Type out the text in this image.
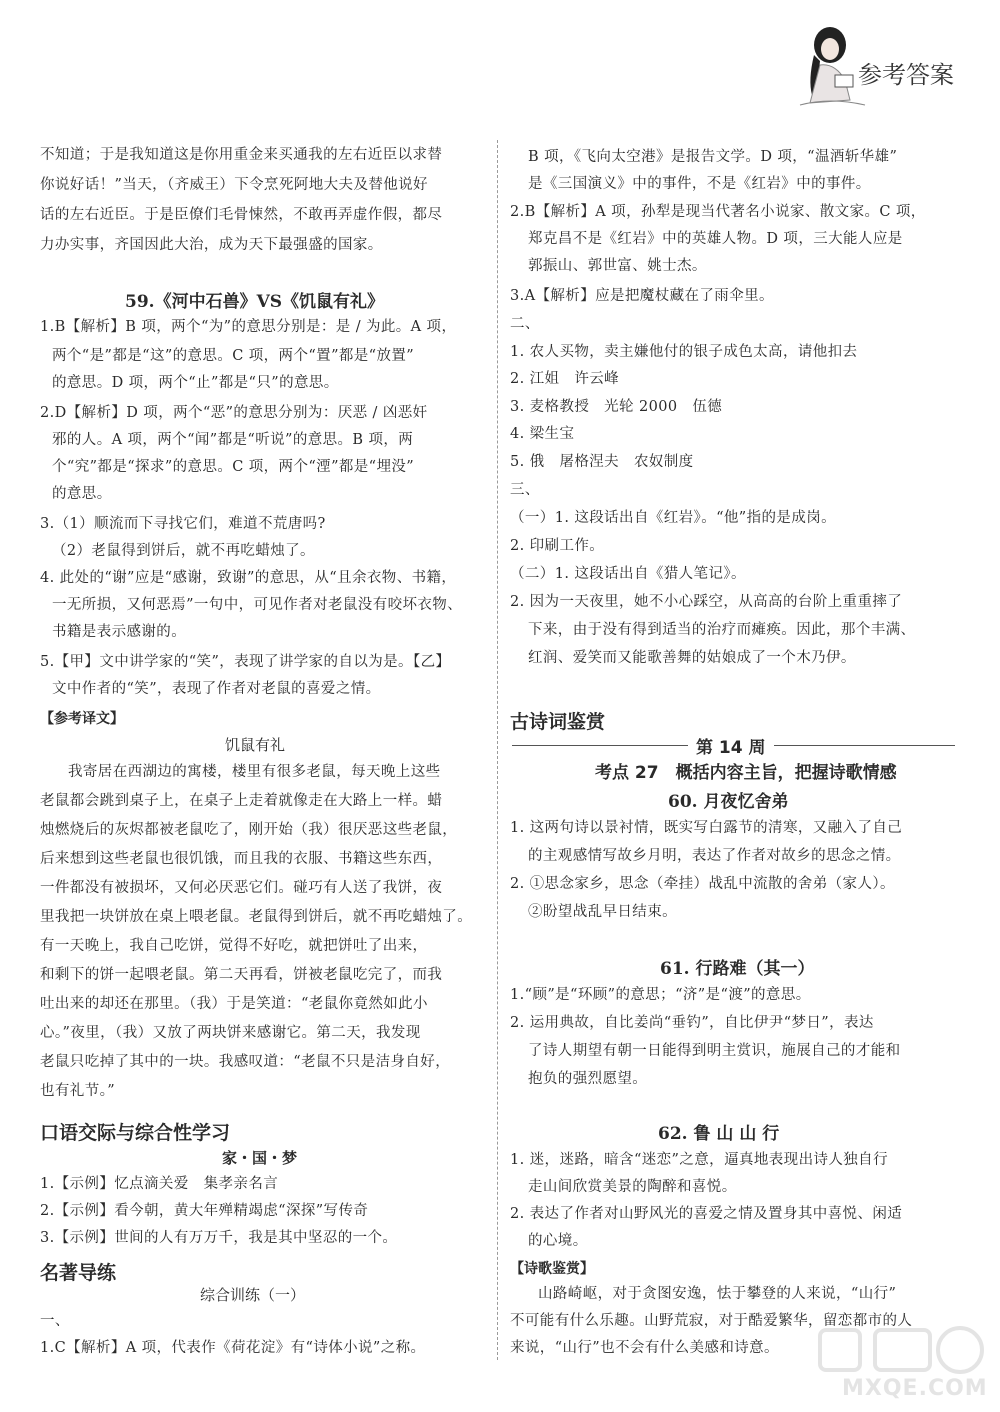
参考答案
不知道；于是我知道这是你用重金来买通我的左右近臣以求替
你说好话！”当天，（齐威王）下令烹死阿地大夫及替他说好
话的左右近臣。于是臣僚们毛骨悚然，不敢再弄虚作假，都尽
力办实事，齐国因此大治，成为天下最强盛的国家。
59.《河中石兽》VS《饥鼠有礼》
1.B【解析】B 项，两个“为”的意思分别是：是 / 为此。A 项，
两个“是”都是“这”的意思。C 项，两个“置”都是“放置”
的意思。D 项，两个“止”都是“只”的意思。
2.D【解析】D 项，两个“恶”的意思分别为：厌恶 / 凶恶奸
邪的人。A 项，两个“闻”都是“听说”的意思。B 项，两
个“究”都是“探求”的意思。C 项，两个“湮”都是“埋没”
的意思。
3.（1）顺流而下寻找它们，难道不荒唐吗?
（2）老鼠得到饼后，就不再吃蜡烛了。
4. 此处的“谢”应是“感谢，致谢”的意思，从“且余衣物、书籍，
一无所损，又何恶焉”一句中，可见作者对老鼠没有咬坏衣物、
书籍是表示感谢的。
5.【甲】文中讲学家的“笑”，表现了讲学家的自以为是。【乙】
文中作者的“笑”，表现了作者对老鼠的喜爱之情。
【参考译文】
饥鼠有礼
我寄居在西湖边的寓楼，楼里有很多老鼠，每天晚上这些
老鼠都会跳到桌子上，在桌子上走着就像走在大路上一样。蜡
烛燃烧后的灰烬都被老鼠吃了，刚开始（我）很厌恶这些老鼠，
后来想到这些老鼠也很饥饿，而且我的衣服、书籍这些东西，
一件都没有被损坏，又何必厌恶它们。碰巧有人送了我饼，夜
里我把一块饼放在桌上喂老鼠。老鼠得到饼后，就不再吃蜡烛了。
有一天晚上，我自己吃饼，觉得不好吃，就把饼吐了出来，
和剩下的饼一起喂老鼠。第二天再看，饼被老鼠吃完了，而我
吐出来的却还在那里。（我）于是笑道：“老鼠你竟然如此小
心。”夜里，（我）又放了两块饼来感谢它。第二天，我发现
老鼠只吃掉了其中的一块。我感叹道：“老鼠不只是洁身自好，
也有礼节。”
口语交际与综合性学习
家・国・梦
1.【示例】忆点滴关爱　集孝亲名言
2.【示例】看今朝，黄大年殚精竭虑“深探”写传奇
3.【示例】世间的人有万万千，我是其中坚忍的一个。
名著导练
综合训练（一）
一、
1.C【解析】A 项，代表作《荷花淀》有“诗体小说”之称。
B 项，《飞向太空港》是报告文学。D 项，“温酒斩华雄”
是《三国演义》中的事件，不是《红岩》中的事件。
2.B【解析】A 项，孙犁是现当代著名小说家、散文家。C 项，
郑克昌不是《红岩》中的英雄人物。D 项，三大能人应是
郭振山、郭世富、姚士杰。
3.A【解析】应是把魔杖藏在了雨伞里。
二、
1. 农人买物，卖主嫌他付的银子成色太高，请他扣去
2. 江姐　许云峰
3. 麦格教授　光轮 2000　伍德
4. 梁生宝
5. 俄　屠格涅夫　农奴制度
三、
（一）1. 这段话出自《红岩》。“他”指的是成岗。
2. 印刷工作。
（二）1. 这段话出自《猎人笔记》。
2. 因为一天夜里，她不小心踩空，从高高的台阶上重重摔了
下来，由于没有得到适当的治疗而瘫痪。因此，那个丰满、
红润、爱笑而又能歌善舞的姑娘成了一个木乃伊。
古诗词鉴赏
第 14 周
考点 27　概括内容主旨，把握诗歌情感
60. 月夜忆舍弟
1. 这两句诗以景衬情，既实写白露节的清寒，又融入了自己
的主观感情写故乡月明，表达了作者对故乡的思念之情。
2. ①思念家乡，思念（牵挂）战乱中流散的舍弟（家人）。
②盼望战乱早日结束。
61. 行路难（其一）
1.“顾”是“环顾”的意思；“济”是“渡”的意思。
2. 运用典故，自比姜尚“垂钓”，自比伊尹“梦日”，表达
了诗人期望有朝一日能得到明主赏识，施展自己的才能和
抱负的强烈愿望。
62. 鲁 山 山 行
1. 迷，迷路，暗含“迷恋”之意，逼真地表现出诗人独自行
走山间欣赏美景的陶醉和喜悦。
2. 表达了作者对山野风光的喜爱之情及置身其中喜悦、闲适
的心境。
【诗歌鉴赏】
山路崎岖，对于贪图安逸，怯于攀登的人来说，“山行”
不可能有什么乐趣。山野荒寂，对于酷爱繁华，留恋都市的人
来说，“山行”也不会有什么美感和诗意。
MXQE.COM
